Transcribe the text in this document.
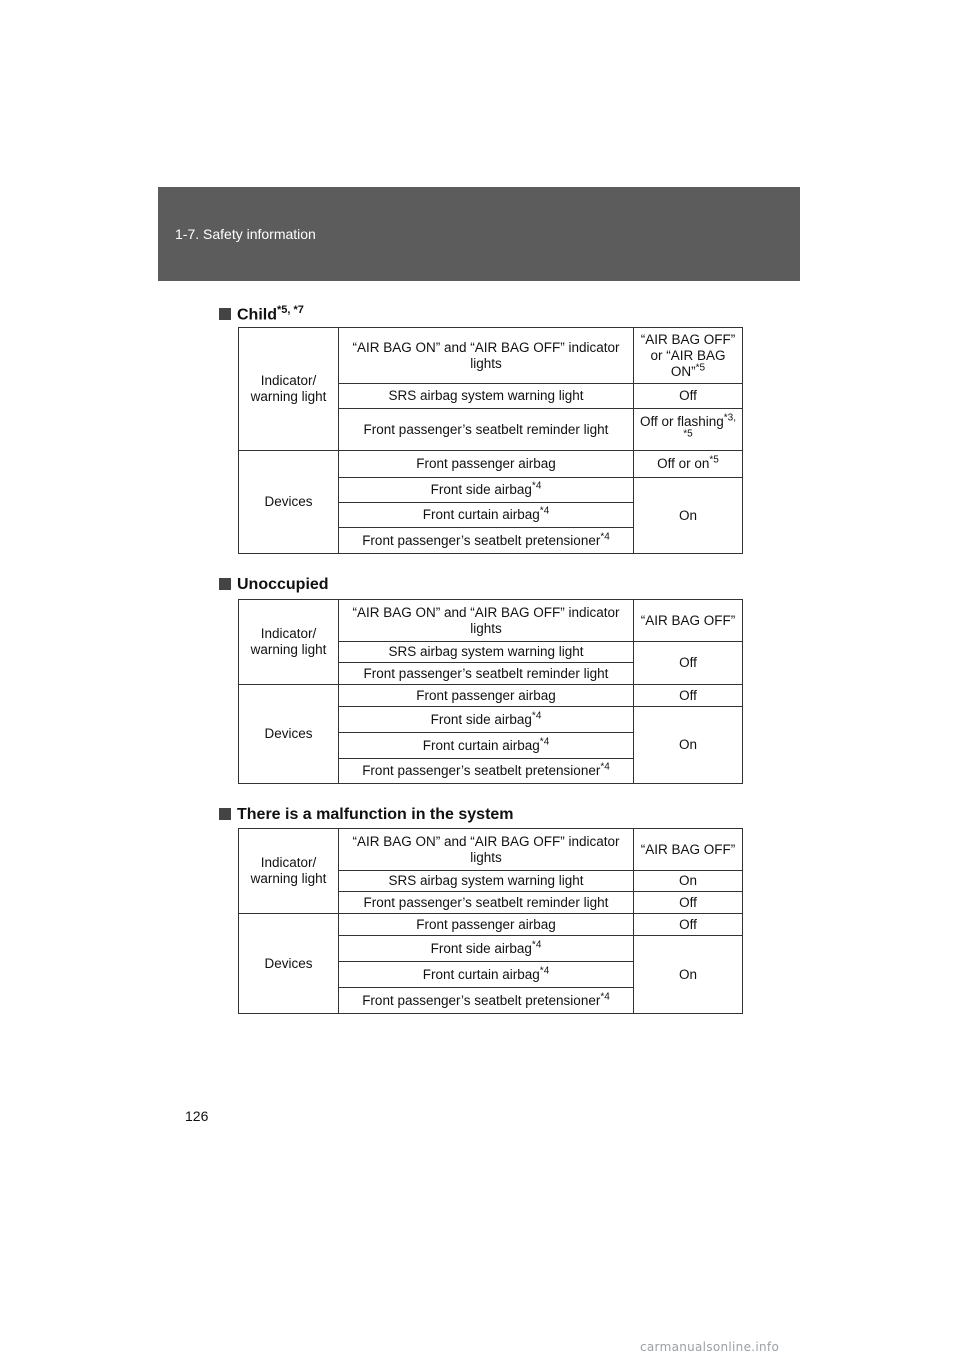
1-7. Safety information
Child$^{*5, *7}$
Indicator/ warning light	“AIR BAG ON” and “AIR BAG OFF” indicator lights	“AIR BAG OFF” or “AIR BAG ON”$^{*5}$
	SRS airbag system warning light	Off
	Front passenger’s seatbelt reminder light	Off or flashing$^{*3, *5}$
Devices	Front passenger airbag	Off or $on^{*5}$
	Front side airbag$^{*4}$	On
	Front curtain airbag$^{*4}$
	Front passenger’s seatbelt pretensioner$^{*4}$
Unoccupied
Indicator/ warning light	“AIR BAG ON” and “AIR BAG OFF” indicator lights	“AIR BAG OFF”
	SRS airbag system warning light	Off
	Front passenger’s seatbelt reminder light	
Devices	Front passenger airbag	Off
	Front side airbag$^{*4}$	On
	Front curtain airbag$^{*4}$
	Front passenger’s seatbelt pretensioner$^{*4}$
There is a malfunction in the system
Indicator/ warning light	“AIR BAG ON” and “AIR BAG OFF” indicator lights	“AIR BAG OFF”
	SRS airbag system warning light	On
	Front passenger’s seatbelt reminder light	Off
Devices	Front passenger airbag	Off
	Front side airbag$^{*4}$	On
	Front curtain airbag$^{*4}$
	Front passenger’s seatbelt pretensioner$^{*4}$
126
carmanualsonline.info
